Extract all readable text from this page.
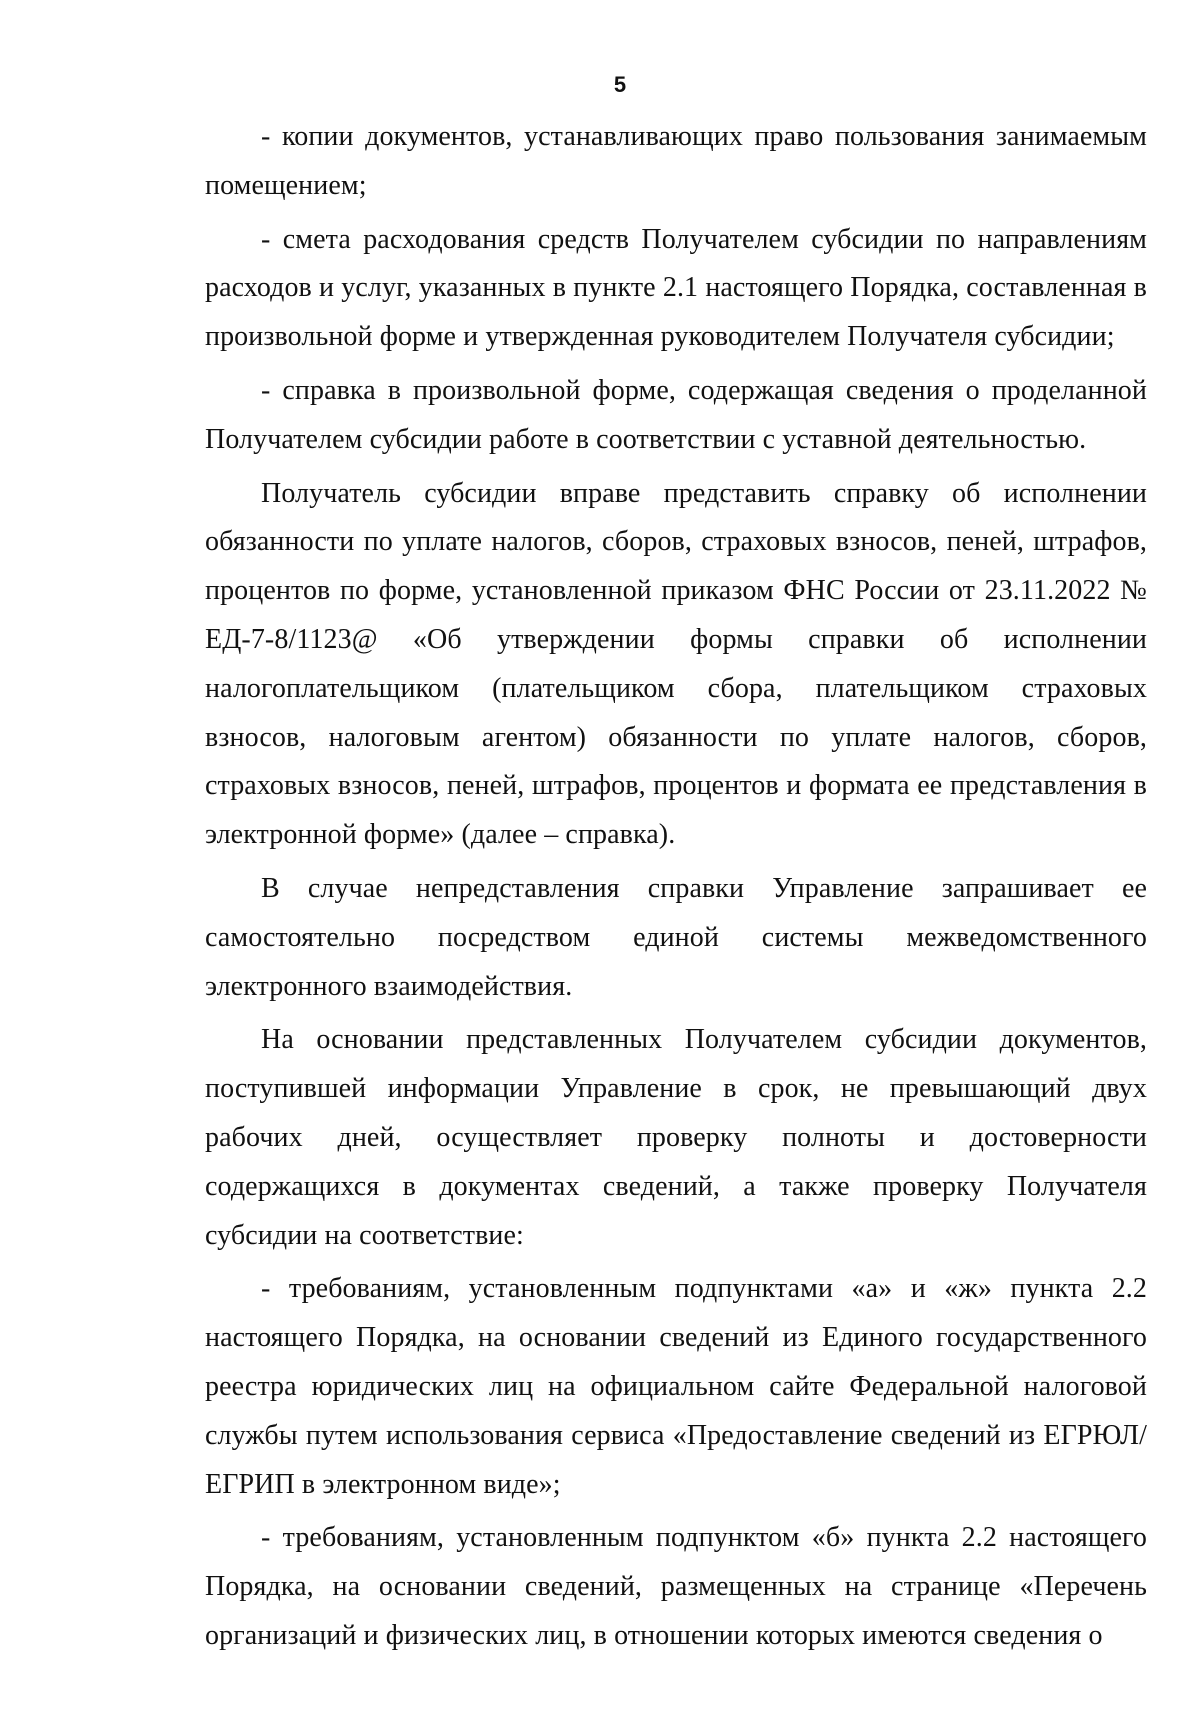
5

- копии документов, устанавливающих право пользования занимаемым помещением;

- смета расходования средств Получателем субсидии по направлениям расходов и услуг, указанных в пункте 2.1 настоящего Порядка, составленная в произвольной форме и утвержденная руководителем Получателя субсидии;

- справка в произвольной форме, содержащая сведения о проделанной Получателем субсидии работе в соответствии с уставной деятельностью.

Получатель субсидии вправе представить справку об исполнении обязанности по уплате налогов, сборов, страховых взносов, пеней, штрафов, процентов по форме, установленной приказом ФНС России от 23.11.2022 № ЕД-7-8/1123@ «Об утверждении формы справки об исполнении налогоплательщиком (плательщиком сбора, плательщиком страховых взносов, налоговым агентом) обязанности по уплате налогов, сборов, страховых взносов, пеней, штрафов, процентов и формата ее представления в электронной форме» (далее – справка).

В случае непредставления справки Управление запрашивает ее самостоятельно посредством единой системы межведомственного электронного взаимодействия.

На основании представленных Получателем субсидии документов, поступившей информации Управление в срок, не превышающий двух рабочих дней, осуществляет проверку полноты и достоверности содержащихся в документах сведений, а также проверку Получателя субсидии на соответствие:

- требованиям, установленным подпунктами «а» и «ж» пункта 2.2 настоящего Порядка, на основании сведений из Единого государственного реестра юридических лиц на официальном сайте Федеральной налоговой службы путем использования сервиса «Предоставление сведений из ЕГРЮЛ/ЕГРИП в электронном виде»;

- требованиям, установленным подпунктом «б» пункта 2.2 настоящего Порядка, на основании сведений, размещенных на странице «Перечень организаций и физических лиц, в отношении которых имеются сведения о
